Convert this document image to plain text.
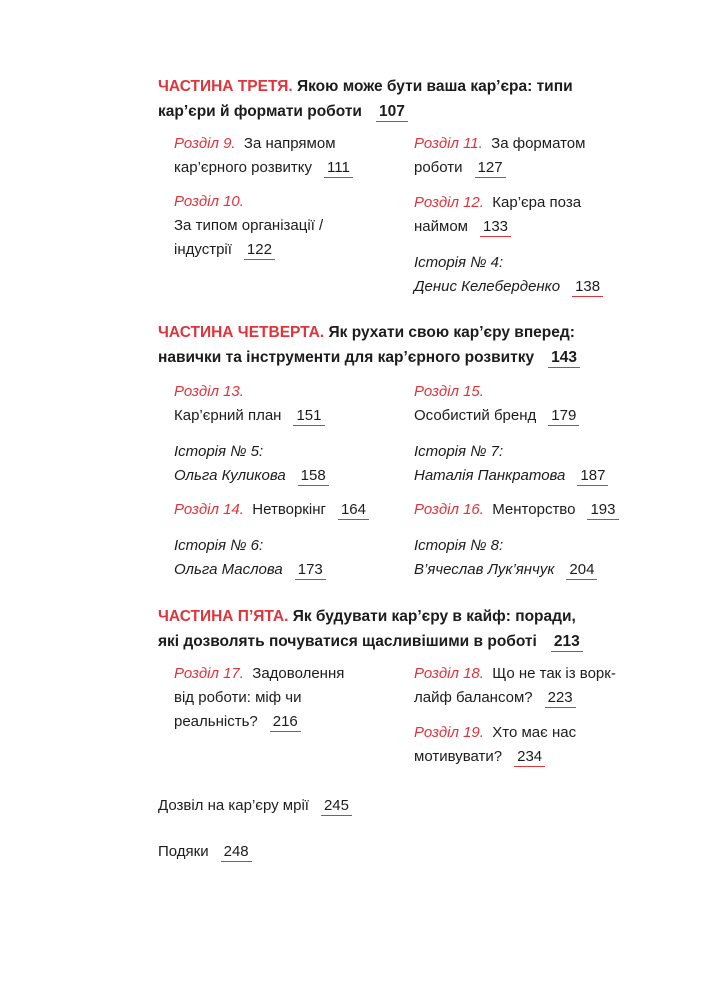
ЧАСТИНА ТРЕТЯ. Якою може бути ваша кар’єра: типи
кар’єри й формати роботи 107
Розділ 9. За напрямом
кар’єрного розвитку 111
Розділ 10.
За типом організації /
індустрії 122
Розділ 11. За форматом
роботи 127
Розділ 12. Кар’єра поза
наймом 133
Історія № 4:
Денис Келеберденко 138
ЧАСТИНА ЧЕТВЕРТА. Як рухати свою кар’єру вперед:
навички та інструменти для кар’єрного розвитку 143
Розділ 13.
Кар’єрний план 151
Історія № 5:
Ольга Куликова 158
Розділ 14. Нетворкінг 164
Історія № 6:
Ольга Маслова 173
Розділ 15.
Особистий бренд 179
Історія № 7:
Наталія Панкратова 187
Розділ 16. Менторство 193
Історія № 8:
В’ячеслав Лук’янчук 204
ЧАСТИНА П’ЯТА. Як будувати кар’єру в кайф: поради,
які дозволять почуватися щасливішими в роботі 213
Розділ 17. Задоволення
від роботи: міф чи
реальність? 216
Розділ 18. Що не так із ворк-
лайф балансом? 223
Розділ 19. Хто має нас
мотивувати? 234
Дозвіл на кар’єру мрії 245
Подяки 248
